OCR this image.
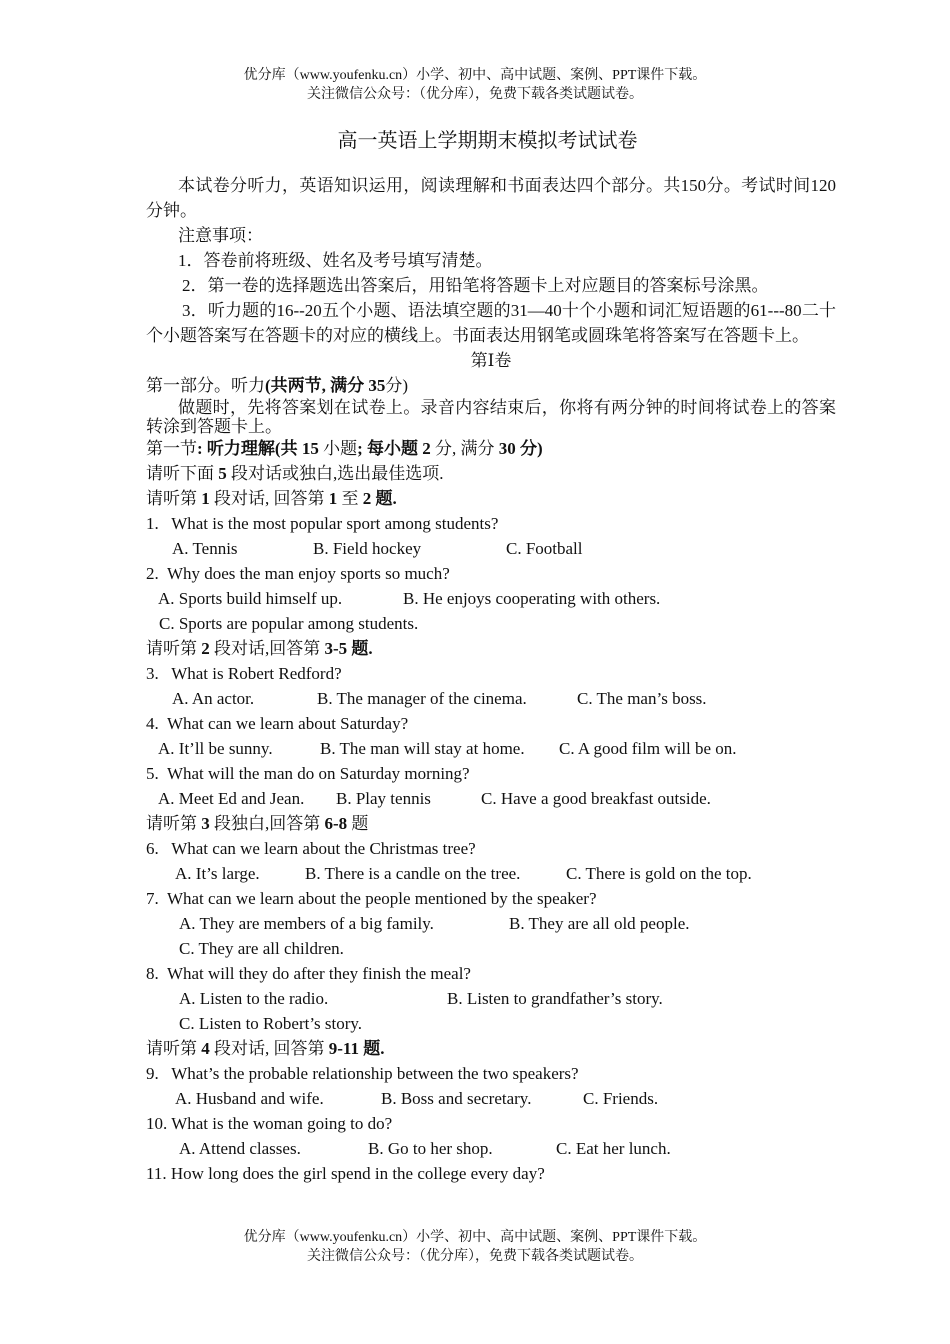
优分库（www.youfenku.cn）小学、初中、高中试题、案例、PPT课件下载。
关注微信公众号：（优分库），免费下载各类试题试卷。
高一英语上学期期末模拟考试试卷

本试卷分听力，英语知识运用，阅读理解和书面表达四个部分。共150分。考试时间120分钟。

注意事项：

1．答卷前将班级、姓名及考号填写清楚。

2．第一卷的选择题选出答案后，用铅笔将答题卡上对应题目的答案标号涂黑。

3．听力题的16--20五个小题、语法填空题的31—40十个小题和词汇短语题的61---80二十个小题答案写在答题卡的对应的横线上。书面表达用钢笔或圆珠笔将答案写在答题卡上。

第Ⅰ卷

第一部分。听力(共两节, 满分 35分)

做题时，先将答案划在试卷上。录音内容结束后，你将有两分钟的时间将试卷上的答案转涂到答题卡上。

第一节: 听力理解(共 15 小题; 每小题 2 分, 满分 30 分)

请听下面 5 段对话或独白,选出最佳选项.

请听第 1 段对话, 回答第 1 至 2 题.

1. What is the most popular sport among students?

A. Tennis	B. Field hockey	C. Football

2. Why does the man enjoy sports so much?

A. Sports build himself up.	B. He enjoys cooperating with others.

C. Sports are popular among students.

请听第 2 段对话,回答第 3-5 题.

3. What is Robert Redford?

A. An actor.	B. The manager of the cinema.	C. The man’s boss.

4. What can we learn about Saturday?

A. It’ll be sunny.	B. The man will stay at home.	C. A good film will be on.

5. What will the man do on Saturday morning?

A. Meet Ed and Jean.	B. Play tennis	C. Have a good breakfast outside.

请听第 3 段独白,回答第 6-8 题

6. What can we learn about the Christmas tree?

A. It’s large.	B. There is a candle on the tree.	C. There is gold on the top.

7. What can we learn about the people mentioned by the speaker?

A. They are members of a big family.	B. They are all old people.

C. They are all children.

8. What will they do after they finish the meal?

A. Listen to the radio.	B. Listen to grandfather’s story.

C. Listen to Robert’s story.

请听第 4 段对话, 回答第 9-11 题.

9. What’s the probable relationship between the two speakers?

A. Husband and wife.	B. Boss and secretary.	C. Friends.

10. What is the woman going to do?

A. Attend classes.	B. Go to her shop.	C. Eat her lunch.

11. How long does the girl spend in the college every day?

优分库（www.youfenku.cn）小学、初中、高中试题、案例、PPT课件下载。
关注微信公众号：（优分库），免费下载各类试题试卷。
